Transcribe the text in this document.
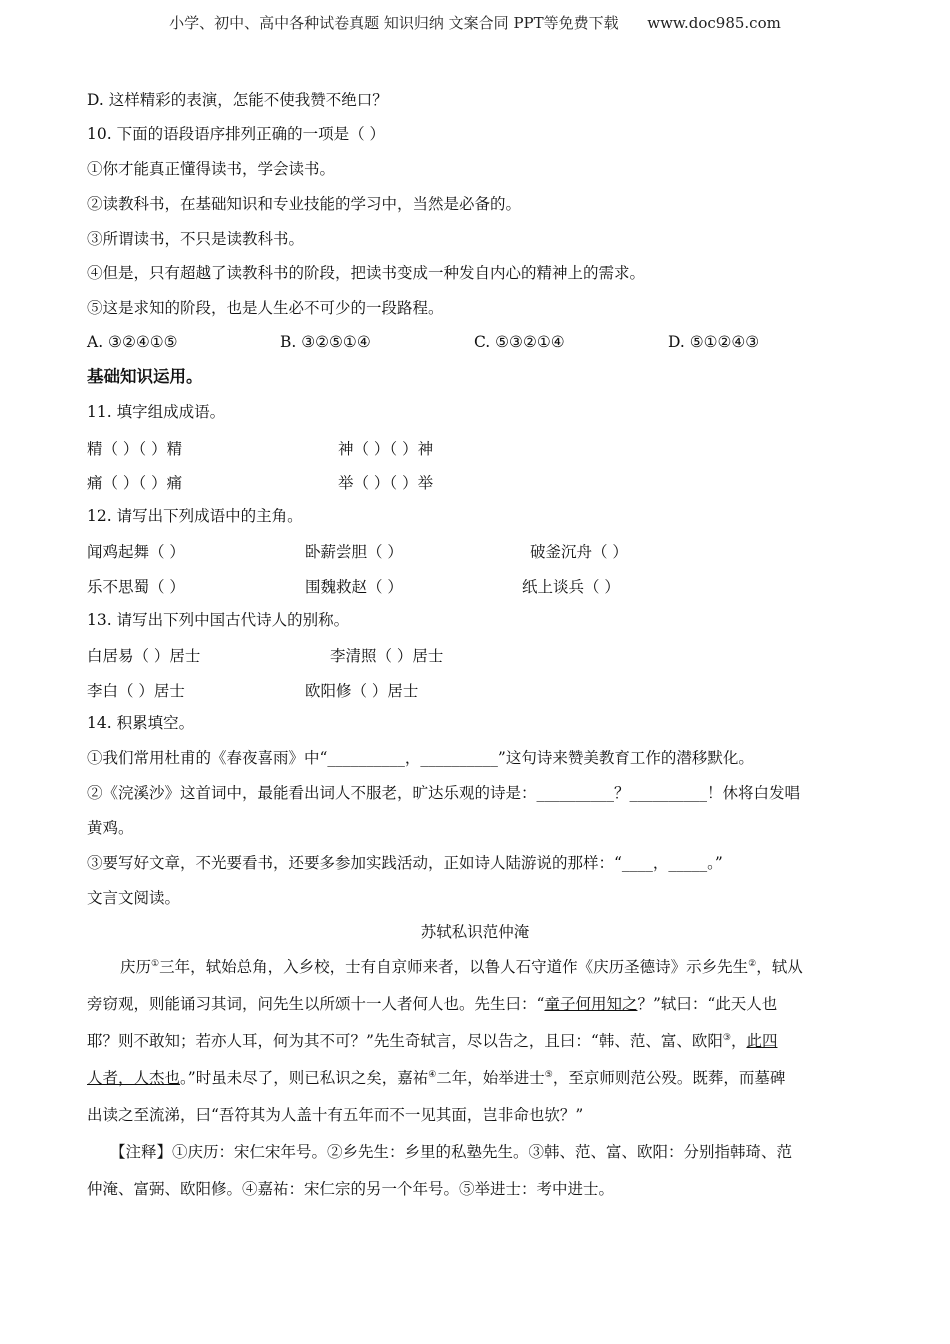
小学、初中、高中各种试卷真题 知识归纳 文案合同 PPT等免费下载      www.doc985.com
D. 这样精彩的表演，怎能不使我赞不绝口？
10. 下面的语段语序排列正确的一项是（ ）
①你才能真正懂得读书，学会读书。
②读教科书，在基础知识和专业技能的学习中，当然是必备的。
③所谓读书，不只是读教科书。
④但是，只有超越了读教科书的阶段，把读书变成一种发自内心的精神上的需求。
⑤这是求知的阶段，也是人生必不可少的一段路程。
A. ③②④①⑤	B. ③②⑤①④	C. ⑤③②①④	D. ⑤①②④③
基础知识运用。
11. 填字组成成语。
精（ ）（ ）精	神（ ）（ ）神
痛（ ）（ ）痛	举（ ）（ ）举
12. 请写出下列成语中的主角。
闻鸡起舞（ ）	卧薪尝胆（ ）	破釜沉舟（ ）
乐不思蜀（ ）	围魏救赵（ ）	纸上谈兵（ ）
13. 请写出下列中国古代诗人的别称。
白居易（ ）居士	李清照（ ）居士
李白（ ）居士	欧阳修（ ）居士
14. 积累填空。
①我们常用杜甫的《春夜喜雨》中“__________，__________”这句诗来赞美教育工作的潜移默化。
②《浣溪沙》这首词中，最能看出词人不服老，旷达乐观的诗是：__________？__________！休将白发唱
黄鸡。
③要写好文章，不光要看书，还要多参加实践活动，正如诗人陆游说的那样：“____，_____。”
文言文阅读。
苏轼私识范仲淹
庆历①三年，轼始总角，入乡校，士有自京师来者，以鲁人石守道作《庆历圣德诗》示乡先生②，轼从
旁窃观，则能诵习其词，问先生以所颂十一人者何人也。先生曰：“童子何用知之？”轼曰：“此天人也
耶？则不敢知；若亦人耳，何为其不可？”先生奇轼言，尽以告之，且曰：“韩、范、富、欧阳③，此四
人者，人杰也。”时虽未尽了，则已私识之矣，嘉祐④二年，始举进士⑤，至京师则范公殁。既葬，而墓碑
出读之至流涕，曰“吾符其为人盖十有五年而不一见其面，岂非命也欤？”
【注释】①庆历：宋仁宋年号。②乡先生：乡里的私塾先生。③韩、范、富、欧阳：分别指韩琦、范
仲淹、富弼、欧阳修。④嘉祐：宋仁宗的另一个年号。⑤举进士：考中进士。
